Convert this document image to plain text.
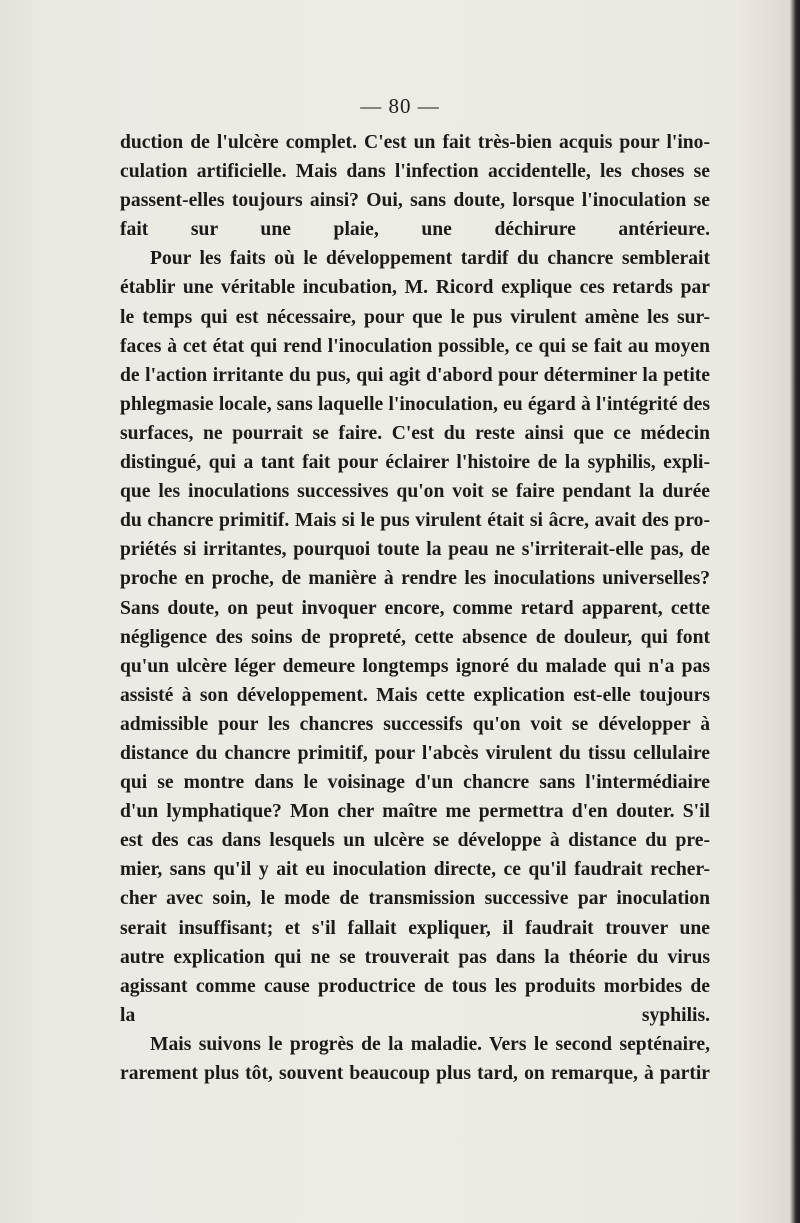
— 80 —
duction de l'ulcère complet. C'est un fait très-bien acquis pour l'ino-
culation artificielle. Mais dans l'infection accidentelle, les choses se
passent-elles toujours ainsi? Oui, sans doute, lorsque l'inoculation se
fait sur une plaie, une déchirure antérieure.
Pour les faits où le développement tardif du chancre semblerait
établir une véritable incubation, M. Ricord explique ces retards par
le temps qui est nécessaire, pour que le pus virulent amène les sur-
faces à cet état qui rend l'inoculation possible, ce qui se fait au moyen
de l'action irritante du pus, qui agit d'abord pour déterminer la petite
phlegmasie locale, sans laquelle l'inoculation, eu égard à l'intégrité des
surfaces, ne pourrait se faire. C'est du reste ainsi que ce médecin
distingué, qui a tant fait pour éclairer l'histoire de la syphilis, expli-
que les inoculations successives qu'on voit se faire pendant la durée
du chancre primitif. Mais si le pus virulent était si âcre, avait des pro-
priétés si irritantes, pourquoi toute la peau ne s'irriterait-elle pas, de
proche en proche, de manière à rendre les inoculations universelles?
Sans doute, on peut invoquer encore, comme retard apparent, cette
négligence des soins de propreté, cette absence de douleur, qui font
qu'un ulcère léger demeure longtemps ignoré du malade qui n'a pas
assisté à son développement. Mais cette explication est-elle toujours
admissible pour les chancres successifs qu'on voit se développer à
distance du chancre primitif, pour l'abcès virulent du tissu cellulaire
qui se montre dans le voisinage d'un chancre sans l'intermédiaire
d'un lymphatique? Mon cher maître me permettra d'en douter. S'il
est des cas dans lesquels un ulcère se développe à distance du pre-
mier, sans qu'il y ait eu inoculation directe, ce qu'il faudrait recher-
cher avec soin, le mode de transmission successive par inoculation
serait insuffisant; et s'il fallait expliquer, il faudrait trouver une
autre explication qui ne se trouverait pas dans la théorie du virus
agissant comme cause productrice de tous les produits morbides de
la syphilis.
Mais suivons le progrès de la maladie. Vers le second septénaire,
rarement plus tôt, souvent beaucoup plus tard, on remarque, à partir
